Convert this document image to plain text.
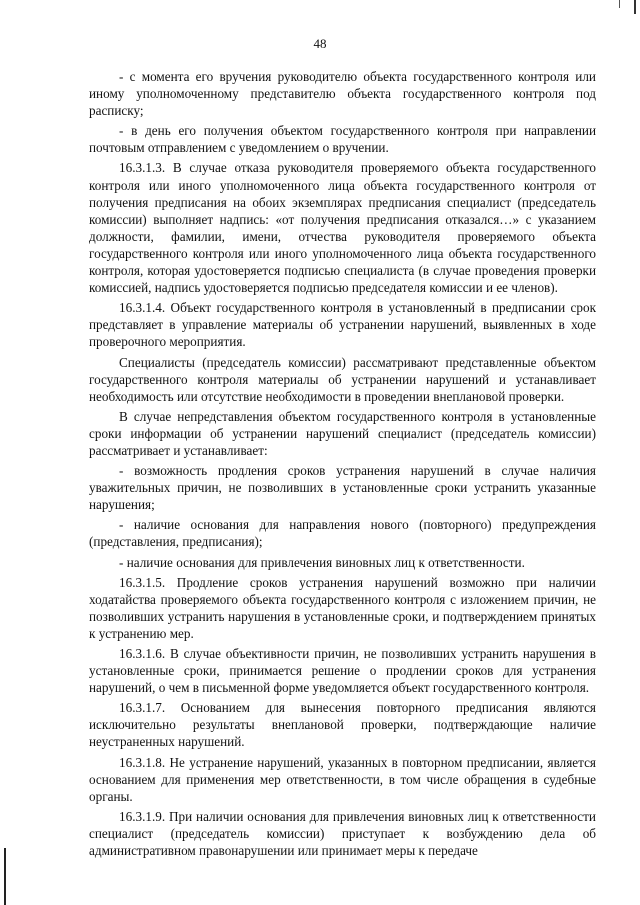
48

- с момента его вручения руководителю объекта государственного контроля или иному уполномоченному представителю объекта государственного контроля под расписку;

- в день его получения объектом государственного контроля при направлении почтовым отправлением с уведомлением о вручении.

16.3.1.3. В случае отказа руководителя проверяемого объекта государственного контроля или иного уполномоченного лица объекта государственного контроля от получения предписания на обоих экземплярах предписания специалист (председатель комиссии) выполняет надпись: «от получения предписания отказался…» с указанием должности, фамилии, имени, отчества руководителя проверяемого объекта государственного контроля или иного уполномоченного лица объекта государственного контроля, которая удостоверяется подписью специалиста (в случае проведения проверки комиссией, надпись удостоверяется подписью председателя комиссии и ее членов).

16.3.1.4. Объект государственного контроля в установленный в предписании срок представляет в управление материалы об устранении нарушений, выявленных в ходе проверочного мероприятия.

Специалисты (председатель комиссии) рассматривают представленные объектом государственного контроля материалы об устранении нарушений и устанавливает необходимость или отсутствие необходимости в проведении внеплановой проверки.

В случае непредставления объектом государственного контроля в установленные сроки информации об устранении нарушений специалист (председатель комиссии) рассматривает и устанавливает:

- возможность продления сроков устранения нарушений в случае наличия уважительных причин, не позволивших в установленные сроки устранить указанные нарушения;

- наличие основания для направления нового (повторного) предупреждения (представления, предписания);

- наличие основания для привлечения виновных лиц к ответственности.

16.3.1.5. Продление сроков устранения нарушений возможно при наличии ходатайства проверяемого объекта государственного контроля с изложением причин, не позволивших устранить нарушения в установленные сроки, и подтверждением принятых к устранению мер.

16.3.1.6. В случае объективности причин, не позволивших устранить нарушения в установленные сроки, принимается решение о продлении сроков для устранения нарушений, о чем в письменной форме уведомляется объект государственного контроля.

16.3.1.7. Основанием для вынесения повторного предписания являются исключительно результаты внеплановой проверки, подтверждающие наличие неустраненных нарушений.

16.3.1.8. Не устранение нарушений, указанных в повторном предписании, является основанием для применения мер ответственности, в том числе обращения в судебные органы.

16.3.1.9. При наличии основания для привлечения виновных лиц к ответственности специалист (председатель комиссии) приступает к возбуждению дела об административном правонарушении или принимает меры к передаче
